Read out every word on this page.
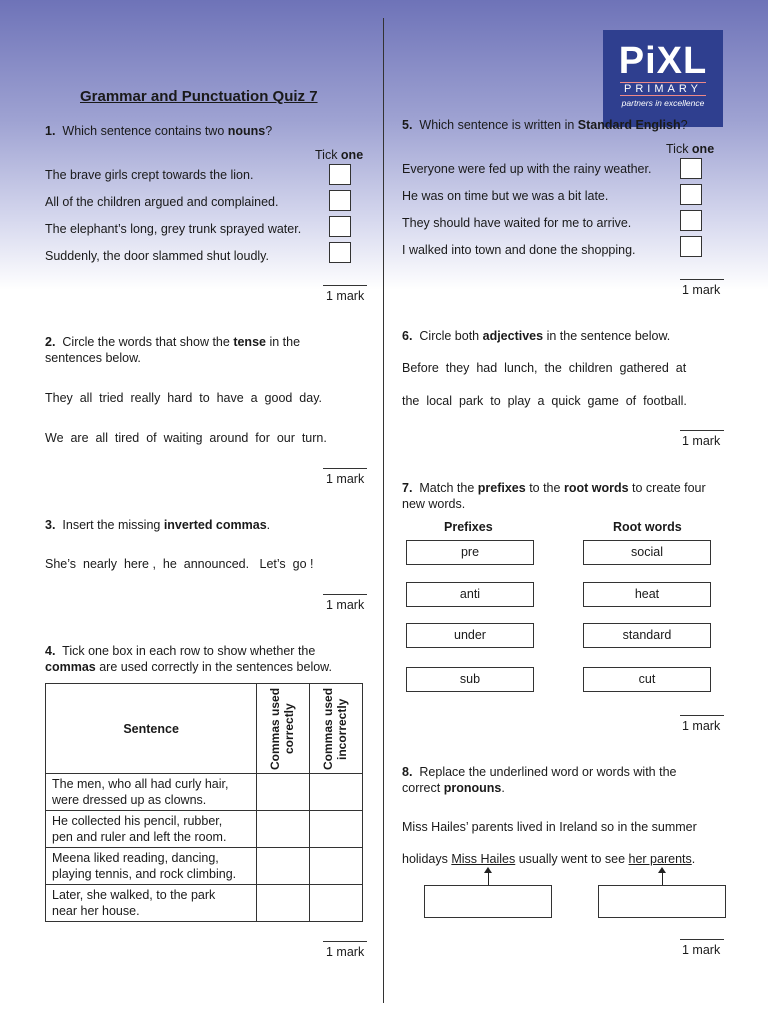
PiXL
PRIMARY
partners in excellence
Grammar and Punctuation Quiz 7
1. Which sentence contains two nouns?
Tick one
The brave girls crept towards the lion.
All of the children argued and complained.
The elephant’s long, grey trunk sprayed water.
Suddenly, the door slammed shut loudly.
1 mark
2. Circle the words that show the tense in the
sentences below.
They  all  tried  really  hard  to  have  a  good  day.
We  are  all  tired  of  waiting  around  for  our  turn.
1 mark
3. Insert the missing inverted commas.
She’s  nearly  here ,  he  announced.   Let’s  go !
1 mark
4. Tick one box in each row to show whether the
commas are used correctly in the sentences below.
Sentence	Commas used correctly	Commas used incorrectly

The men, who all had curly hair,
were dressed up as clowns.		
He collected his pencil, rubber,
pen and ruler and left the room.		
Meena liked reading, dancing,
playing tennis, and rock climbing.		
Later, she walked, to the park
near her house.		
1 mark
5. Which sentence is written in Standard English?
Tick one
Everyone were fed up with the rainy weather.
He was on time but we was a bit late.
They should have waited for me to arrive.
I walked into town and done the shopping.
1 mark
6. Circle both adjectives in the sentence below.
Before  they  had  lunch,  the  children  gathered  at
the  local  park  to  play  a  quick  game  of  football.
1 mark
7. Match the prefixes to the root words to create four
new words.
Prefixes	Root words
pre
anti
under
sub
social
heat
standard
cut
1 mark
8. Replace the underlined word or words with the
correct pronouns.
Miss Hailes’ parents lived in Ireland so in the summer
holidays Miss Hailes usually went to see her parents.
1 mark
